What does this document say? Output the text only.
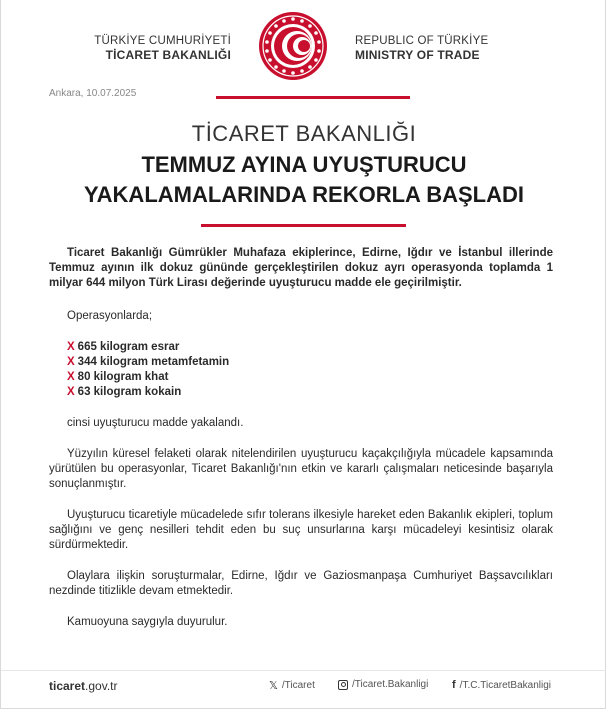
TÜRKİYE CUMHURİYETİ
TİCARET BAKANLIĞI
REPUBLIC OF TÜRKİYE
MINISTRY OF TRADE
Ankara, 10.07.2025
TİCARET BAKANLIĞI
TEMMUZ AYINA UYUŞTURUCU
YAKALAMALARINDA REKORLA BAŞLADI

Ticaret Bakanlığı Gümrükler Muhafaza ekiplerince, Edirne, Iğdır ve İstanbul illerinde Temmuz ayının ilk dokuz gününde gerçekleştirilen dokuz ayrı operasyonda toplamda 1 milyar 644 milyon Türk Lirası değerinde uyuşturucu madde ele geçirilmiştir.

Operasyonlarda;

X 665 kilogram esrar
X 344 kilogram metamfetamin
X 80 kilogram khat
X 63 kilogram kokain

cinsi uyuşturucu madde yakalandı.

Yüzyılın küresel felaketi olarak nitelendirilen uyuşturucu kaçakçılığıyla mücadele kapsamında yürütülen bu operasyonlar, Ticaret Bakanlığı'nın etkin ve kararlı çalışmaları neticesinde başarıyla sonuçlanmıştır.

Uyuşturucu ticaretiyle mücadelede sıfır tolerans ilkesiyle hareket eden Bakanlık ekipleri, toplum sağlığını ve genç nesilleri tehdit eden bu suç unsurlarına karşı mücadeleyi kesintisiz olarak sürdürmektedir.

Olaylara ilişkin soruşturmalar, Edirne, Iğdır ve Gaziosmanpaşa Cumhuriyet Başsavcılıkları nezdinde titizlikle devam etmektedir.

Kamuoyuna saygıyla duyurulur.

ticaret.gov.tr	𝕏 /Ticaret	/Ticaret.Bakanligi f /T.C.TicaretBakanligi
